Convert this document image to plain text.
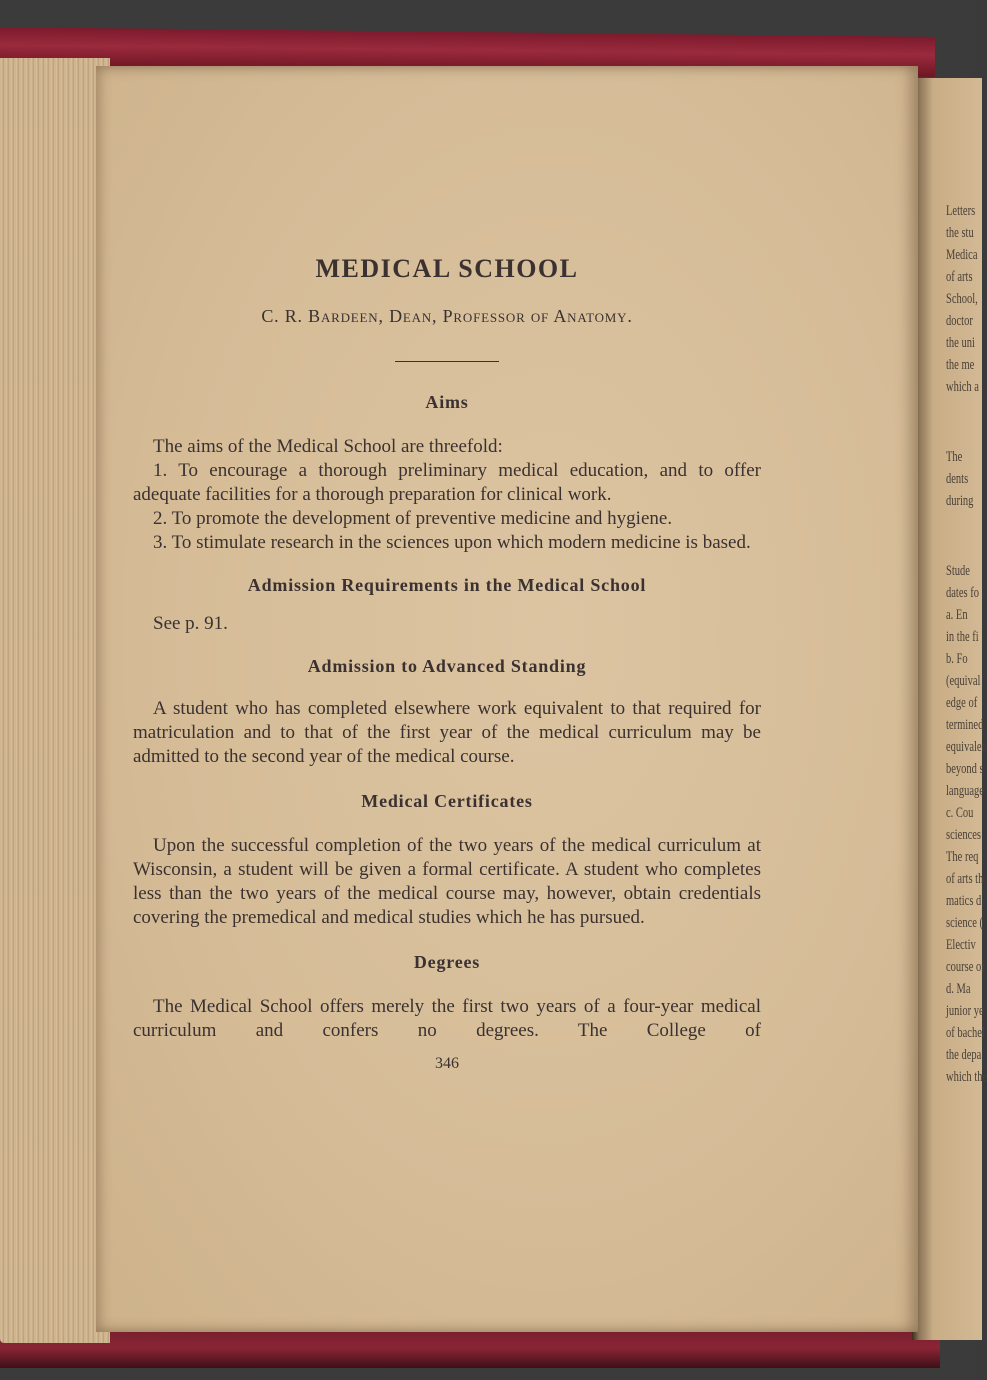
Letters
the stu
Medica
of arts
School,
doctor
the uni
the me
which a
The
dents
during
Stude
dates fo
a. En
in the fi
b. Fo
(equival
edge of
termined
equivalen
beyond s
language
c. Cou
sciences
The req
of arts th
matics d
science (
Electiv
course of
d. Ma
junior ye
of bachel
the depa
which the
MEDICAL SCHOOL

C. R. Bardeen, Dean, Professor of Anatomy.

Aims

The aims of the Medical School are threefold:

1. To encourage a thorough preliminary medical education, and to offer adequate facilities for a thorough preparation for clinical work.

2. To promote the development of preventive medicine and hygiene.

3. To stimulate research in the sciences upon which modern medicine is based.

Admission Requirements in the Medical School

See p. 91.

Admission to Advanced Standing

A student who has completed elsewhere work equivalent to that required for matriculation and to that of the first year of the medical curriculum may be admitted to the second year of the medical course.

Medical Certificates

Upon the successful completion of the two years of the medical curriculum at Wisconsin, a student will be given a formal certificate. A student who completes less than the two years of the medical course may, however, obtain credentials covering the premedical and medical studies which he has pursued.

Degrees

The Medical School offers merely the first two years of a four-year medical curriculum and confers no degrees. The College of

346
